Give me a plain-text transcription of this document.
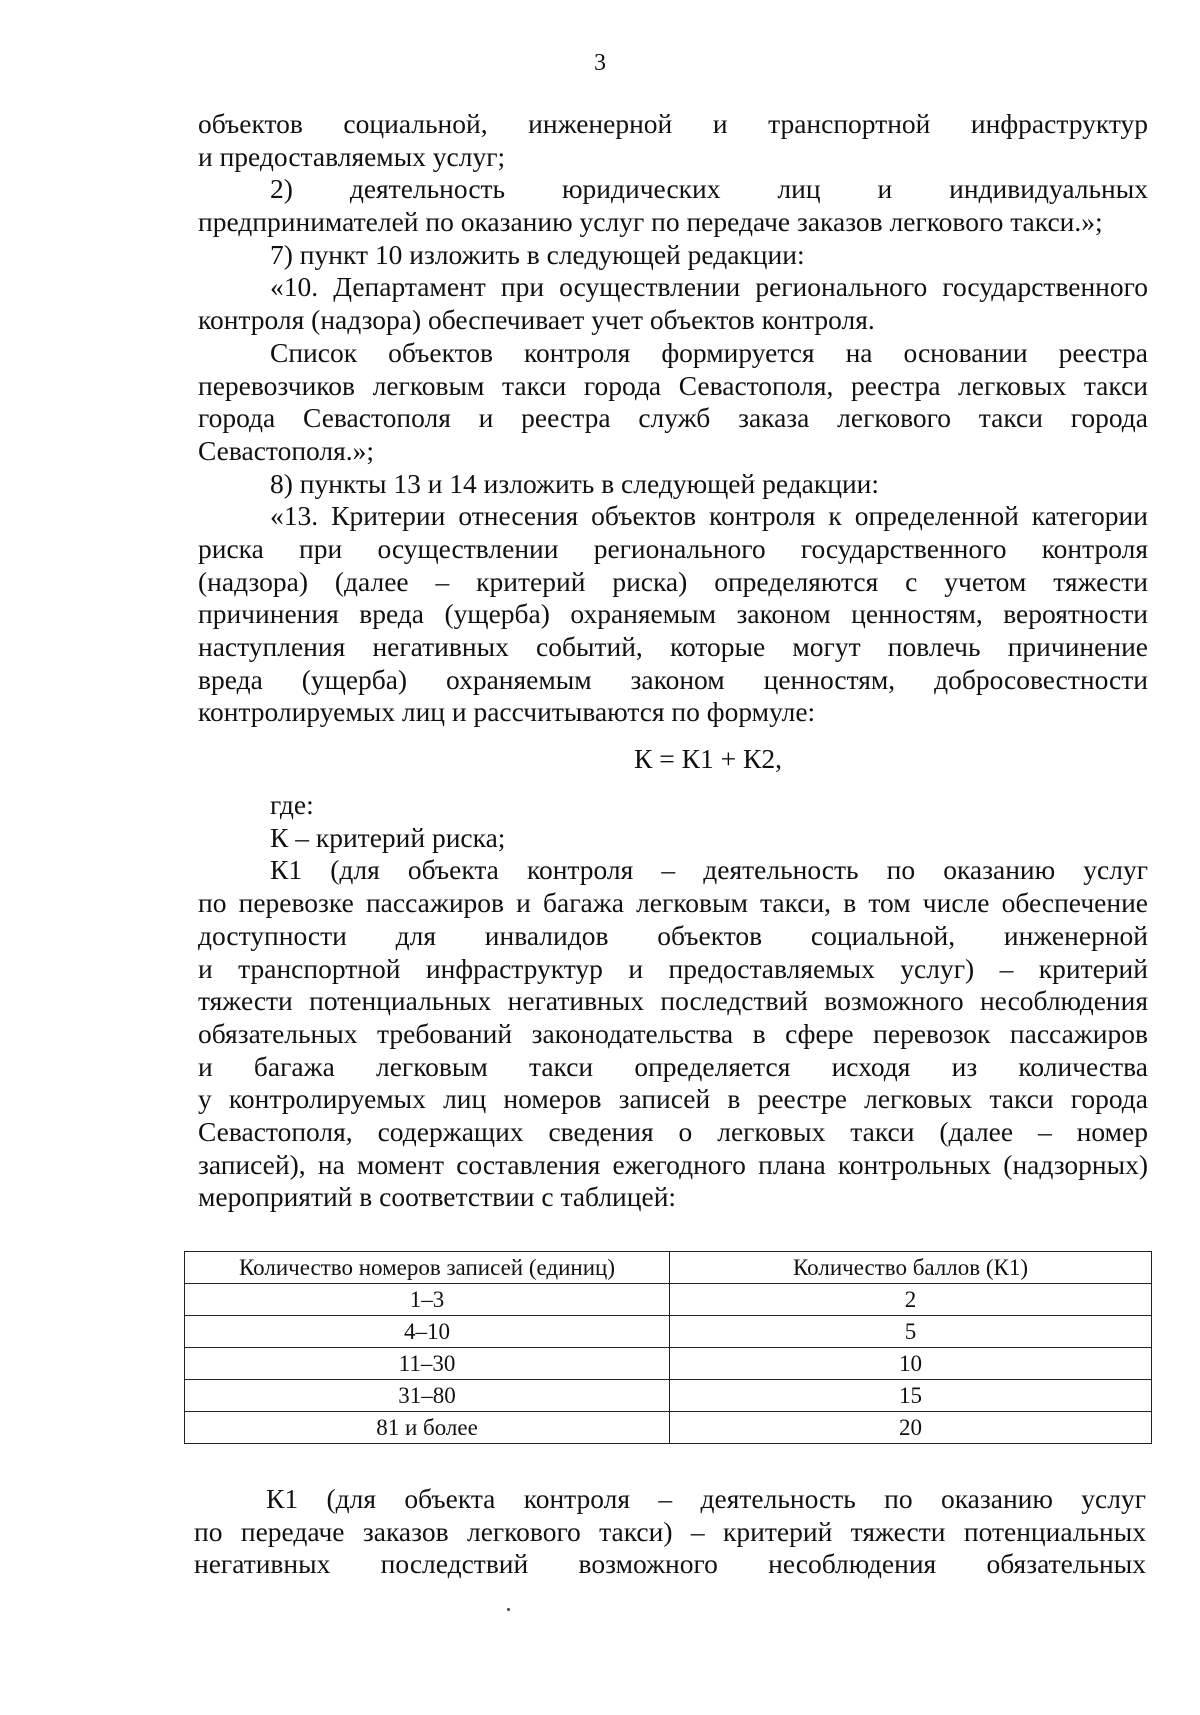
3
объектов социальной, инженерной и транспортной инфраструктур
и предоставляемых услуг;
2) деятельность юридических лиц и индивидуальных
предпринимателей по оказанию услуг по передаче заказов легкового такси.»;
7) пункт 10 изложить в следующей редакции:
«10. Департамент при осуществлении регионального государственного
контроля (надзора) обеспечивает учет объектов контроля.
Список объектов контроля формируется на основании реестра
перевозчиков легковым такси города Севастополя, реестра легковых такси
города Севастополя и реестра служб заказа легкового такси города
Севастополя.»;
8) пункты 13 и 14 изложить в следующей редакции:
«13. Критерии отнесения объектов контроля к определенной категории
риска при осуществлении регионального государственного контроля
(надзора) (далее – критерий риска) определяются с учетом тяжести
причинения вреда (ущерба) охраняемым законом ценностям, вероятности
наступления негативных событий, которые могут повлечь причинение
вреда (ущерба) охраняемым законом ценностям, добросовестности
контролируемых лиц и рассчитываются по формуле:
К = К1 + К2,
где:
К – критерий риска;
К1 (для объекта контроля – деятельность по оказанию услуг
по перевозке пассажиров и багажа легковым такси, в том числе обеспечение
доступности для инвалидов объектов социальной, инженерной
и транспортной инфраструктур и предоставляемых услуг) – критерий
тяжести потенциальных негативных последствий возможного несоблюдения
обязательных требований законодательства в сфере перевозок пассажиров
и багажа легковым такси определяется исходя из количества
у контролируемых лиц номеров записей в реестре легковых такси города
Севастополя, содержащих сведения о легковых такси (далее – номер
записей), на момент составления ежегодного плана контрольных (надзорных)
мероприятий в соответствии с таблицей:
Количество номеров записей (единиц)	Количество баллов (К1)
1–3	2
4–10	5
11–30	10
31–80	15
81 и более	20
К1 (для объекта контроля – деятельность по оказанию услуг
по передаче заказов легкового такси) – критерий тяжести потенциальных
негативных последствий возможного несоблюдения обязательных
